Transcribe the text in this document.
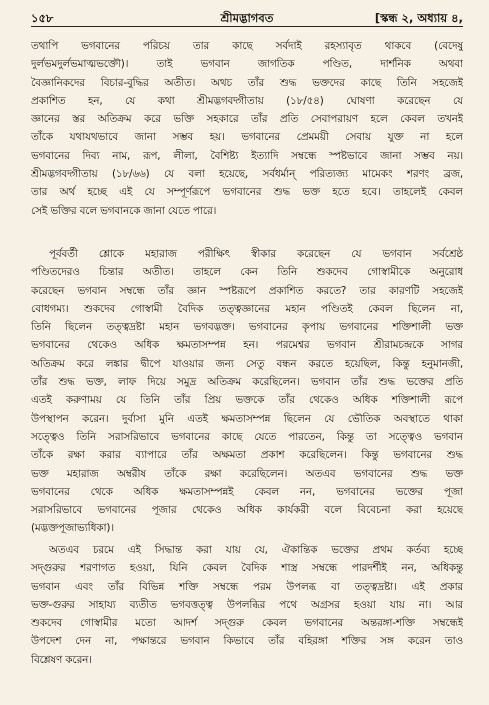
১৫৮	শ্রীমদ্ভাগবত	[স্কন্ধ ২, অধ্যায় ৪,
তথাপি ভগবানের পরিচয় তার কাছে সর্বদাই রহস্যাবৃত থাকবে (বেদেষু
দুর্লভমদুর্লভমাত্মভক্তৌ)। তাই ভগবান জাগতিক পণ্ডিত, দার্শনিক অথবা
বৈজ্ঞানিকদের বিচার-বুদ্ধির অতীত। অথচ তাঁর শুদ্ধ ভক্তদের কাছে তিনি সহজেই
প্রকাশিত হন, যে কথা শ্রীমদ্ভগবদ্গীতায় (১৮/৫৪) ঘোষণা করেছেন যে
জ্ঞানের স্তর অতিক্রম করে ভক্তি সহকারে তাঁর প্রতি সেবাপরায়ণ হলে কেবল তখনই
তাঁকে যথাযথভাবে জানা সম্ভব হয়। ভগবানের প্রেমময়ী সেবায় যুক্ত না হলে
ভগবানের দিব্য নাম, রূপ, লীলা, বৈশিষ্ট্য ইত্যাদি সম্বন্ধে স্পষ্টভাবে জানা সম্ভব নয়।
শ্রীমদ্ভগবদ্গীতায় (১৮/৬৬) যে বলা হয়েছে, সর্বধর্মান্ পরিত্যজ্য মামেকং শরণং ব্রজ,
তার অর্থ হচ্ছে এই যে সম্পূর্ণরূপে ভগবানের শুদ্ধ ভক্ত হতে হবে। তাহলেই কেবল
সেই ভক্তির বলে ভগবানকে জানা যেতে পারে।
পূর্ববর্তী শ্লোকে মহারাজ পরীক্ষিৎ স্বীকার করেছেন যে ভগবান সর্বশ্রেষ্ঠ
পণ্ডিতদেরও চিন্তার অতীত। তাহলে কেন তিনি শুকদেব গোস্বামীকে অনুরোধ
করেছেন ভগবান সম্বন্ধে তাঁর জ্ঞান স্পষ্টরূপে প্রকাশিত করতে? তার কারণটি সহজেই
বোধগম্য। শুকদেব গোস্বামী বৈদিক তত্ত্বজ্ঞানের মহান পণ্ডিতই কেবল ছিলেন না,
তিনি ছিলেন তত্ত্বদ্রষ্টা মহান ভগবদ্ভক্ত। ভগবানের কৃপায় ভগবানের শক্তিশালী ভক্ত
ভগবানের থেকেও অধিক ক্ষমতাসম্পন্ন হন। পরমেশ্বর ভগবান শ্রীরামচন্দ্রকে সাগর
অতিক্রম করে লঙ্কার দ্বীপে যাওয়ার জন্য সেতু বন্ধন করতে হয়েছিল, কিন্তু হনুমানজী,
তাঁর শুদ্ধ ভক্ত, লাফ দিয়ে সমুদ্র অতিক্রম করেছিলেন। ভগবান তাঁর শুদ্ধ ভক্তের প্রতি
এতই করুণাময় যে তিনি তাঁর প্রিয় ভক্তকে তাঁর থেকেও অধিক শক্তিশালী রূপে
উপস্থাপন করেন। দুর্বাসা মুনি এতই ক্ষমতাসম্পন্ন ছিলেন যে ভৌতিক অবস্থাতে থাকা
সত্ত্বেও তিনি সরাসরিভাবে ভগবানের কাছে যেতে পারতেন, কিন্তু তা সত্ত্বেও ভগবান
তাঁকে রক্ষা করার ব্যাপারে তাঁর অক্ষমতা প্রকাশ করেছিলেন। কিন্তু ভগবানের শুদ্ধ
ভক্ত মহারাজ অম্বরীষ তাঁকে রক্ষা করেছিলেন। অতএব ভগবানের শুদ্ধ ভক্ত
ভগবানের থেকে অধিক ক্ষমতাসম্পন্নই কেবল নন, ভগবানের ভক্তের পূজা
সরাসরিভাবে ভগবানের পূজার থেকেও অধিক কার্যকরী বলে বিবেচনা করা হয়েছে
(মদ্ভক্তপূজাভ্যধিকা)।
অতএব চরমে এই সিদ্ধান্ত করা যায় যে, ঐকান্তিক ভক্তের প্রথম কর্তব্য হচ্ছে
সদ্গুরুর শরণাগত হওয়া, যিনি কেবল বৈদিক শাস্ত্র সম্বন্ধে পারদর্শীই নন, অধিকন্তু
ভগবান এবং তাঁর বিভিন্ন শক্তি সম্বন্ধে পরম উপলব্ধ বা তত্ত্বদ্রষ্টা। এই প্রকার
ভক্ত-গুরুর সাহায্য ব্যতীত ভগবত্তত্ত্ব উপলব্ধির পথে অগ্রসর হওয়া যায় না। আর
শুকদেব গোস্বামীর মতো আদর্শ সদ্গুরু কেবল ভগবানের অন্তরঙ্গা-শক্তি সম্বন্ধেই
উপদেশ দেন না, পক্ষান্তরে ভগবান কিভাবে তাঁর বহিরঙ্গা শক্তির সঙ্গ করেন তাও
বিশ্লেষণ করেন।
